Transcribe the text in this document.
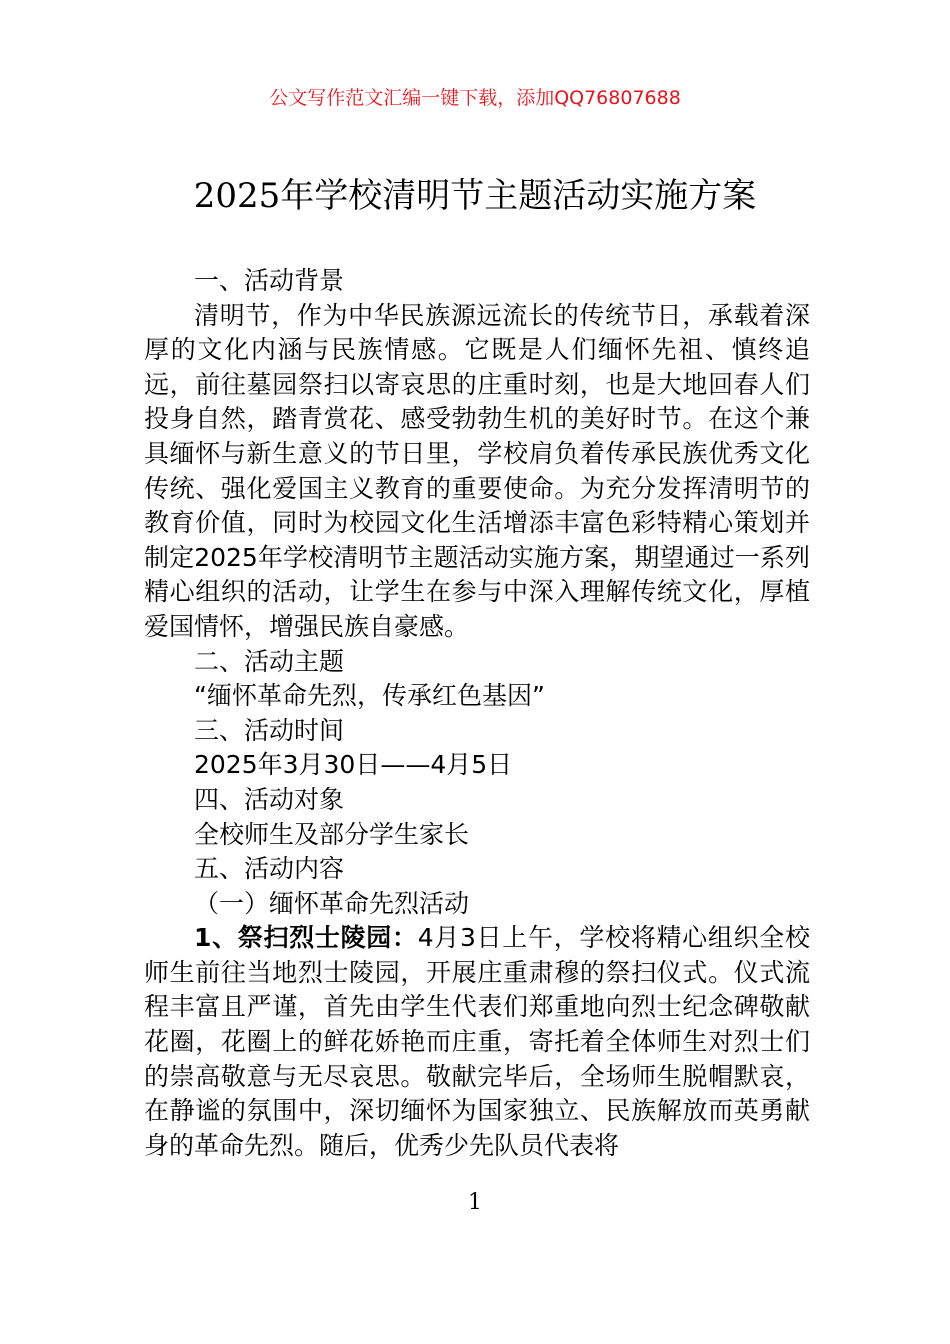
公文写作范文汇编一键下载，添加QQ76807688
2025年学校清明节主题活动实施方案

一、活动背景

清明节，作为中华民族源远流长的传统节日，承载着深厚的文化内涵与民族情感。它既是人们缅怀先祖、慎终追远，前往墓园祭扫以寄哀思的庄重时刻，也是大地回春人们投身自然，踏青赏花、感受勃勃生机的美好时节。在这个兼具缅怀与新生意义的节日里，学校肩负着传承民族优秀文化传统、强化爱国主义教育的重要使命。为充分发挥清明节的教育价值，同时为校园文化生活增添丰富色彩特精心策划并制定2025年学校清明节主题活动实施方案，期望通过一系列精心组织的活动，让学生在参与中深入理解传统文化，厚植爱国情怀，增强民族自豪感。

二、活动主题

“缅怀革命先烈，传承红色基因”

三、活动时间

2025年3月30日——4月5日

四、活动对象

全校师生及部分学生家长

五、活动内容

（一）缅怀革命先烈活动

1、祭扫烈士陵园：4月3日上午，学校将精心组织全校师生前往当地烈士陵园，开展庄重肃穆的祭扫仪式。仪式流程丰富且严谨，首先由学生代表们郑重地向烈士纪念碑敬献花圈，花圈上的鲜花娇艳而庄重，寄托着全体师生对烈士们的崇高敬意与无尽哀思。敬献完毕后，全场师生脱帽默哀，在静谧的氛围中，深切缅怀为国家独立、民族解放而英勇献身的革命先烈。随后，优秀少先队员代表将

1
